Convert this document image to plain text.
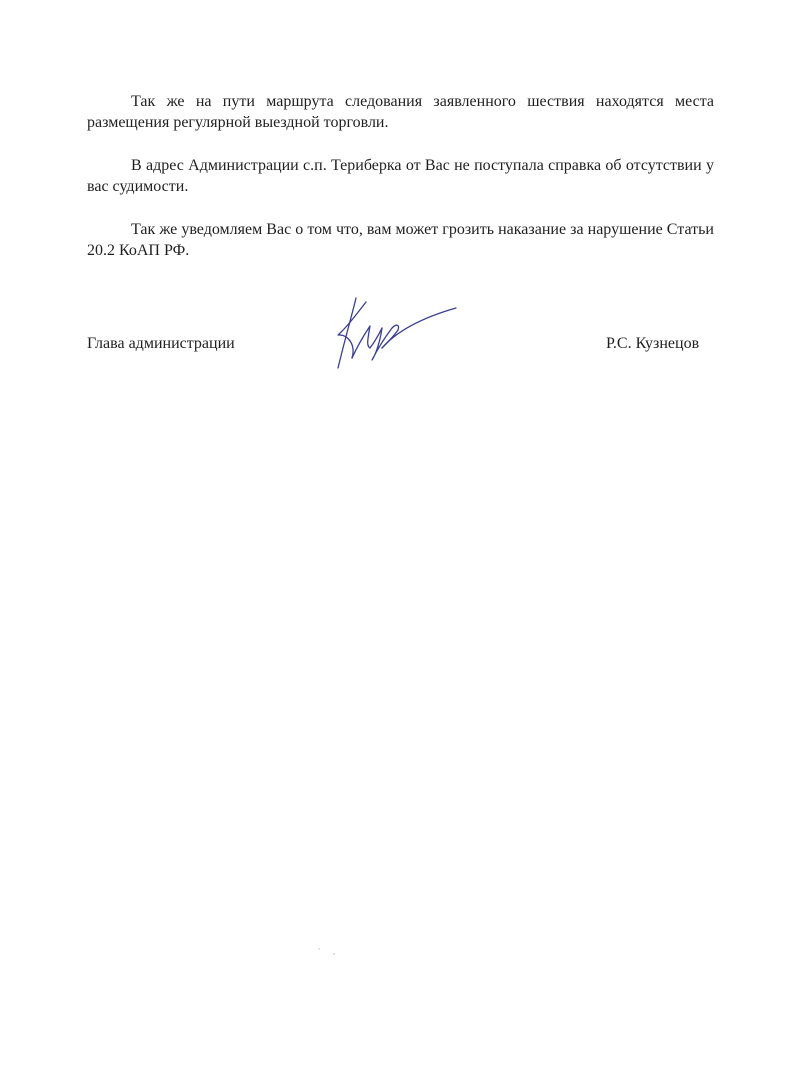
Так же на пути маршрута следования заявленного шествия находятся места размещения регулярной выездной торговли.

В адрес Администрации с.п. Териберка от Вас не поступала справка об отсутствии у вас судимости.

Так же уведомляем Вас о том что, вам может грозить наказание за нарушение Статьи 20.2 КоАП РФ.

Глава администрации	Р.С. Кузнецов
